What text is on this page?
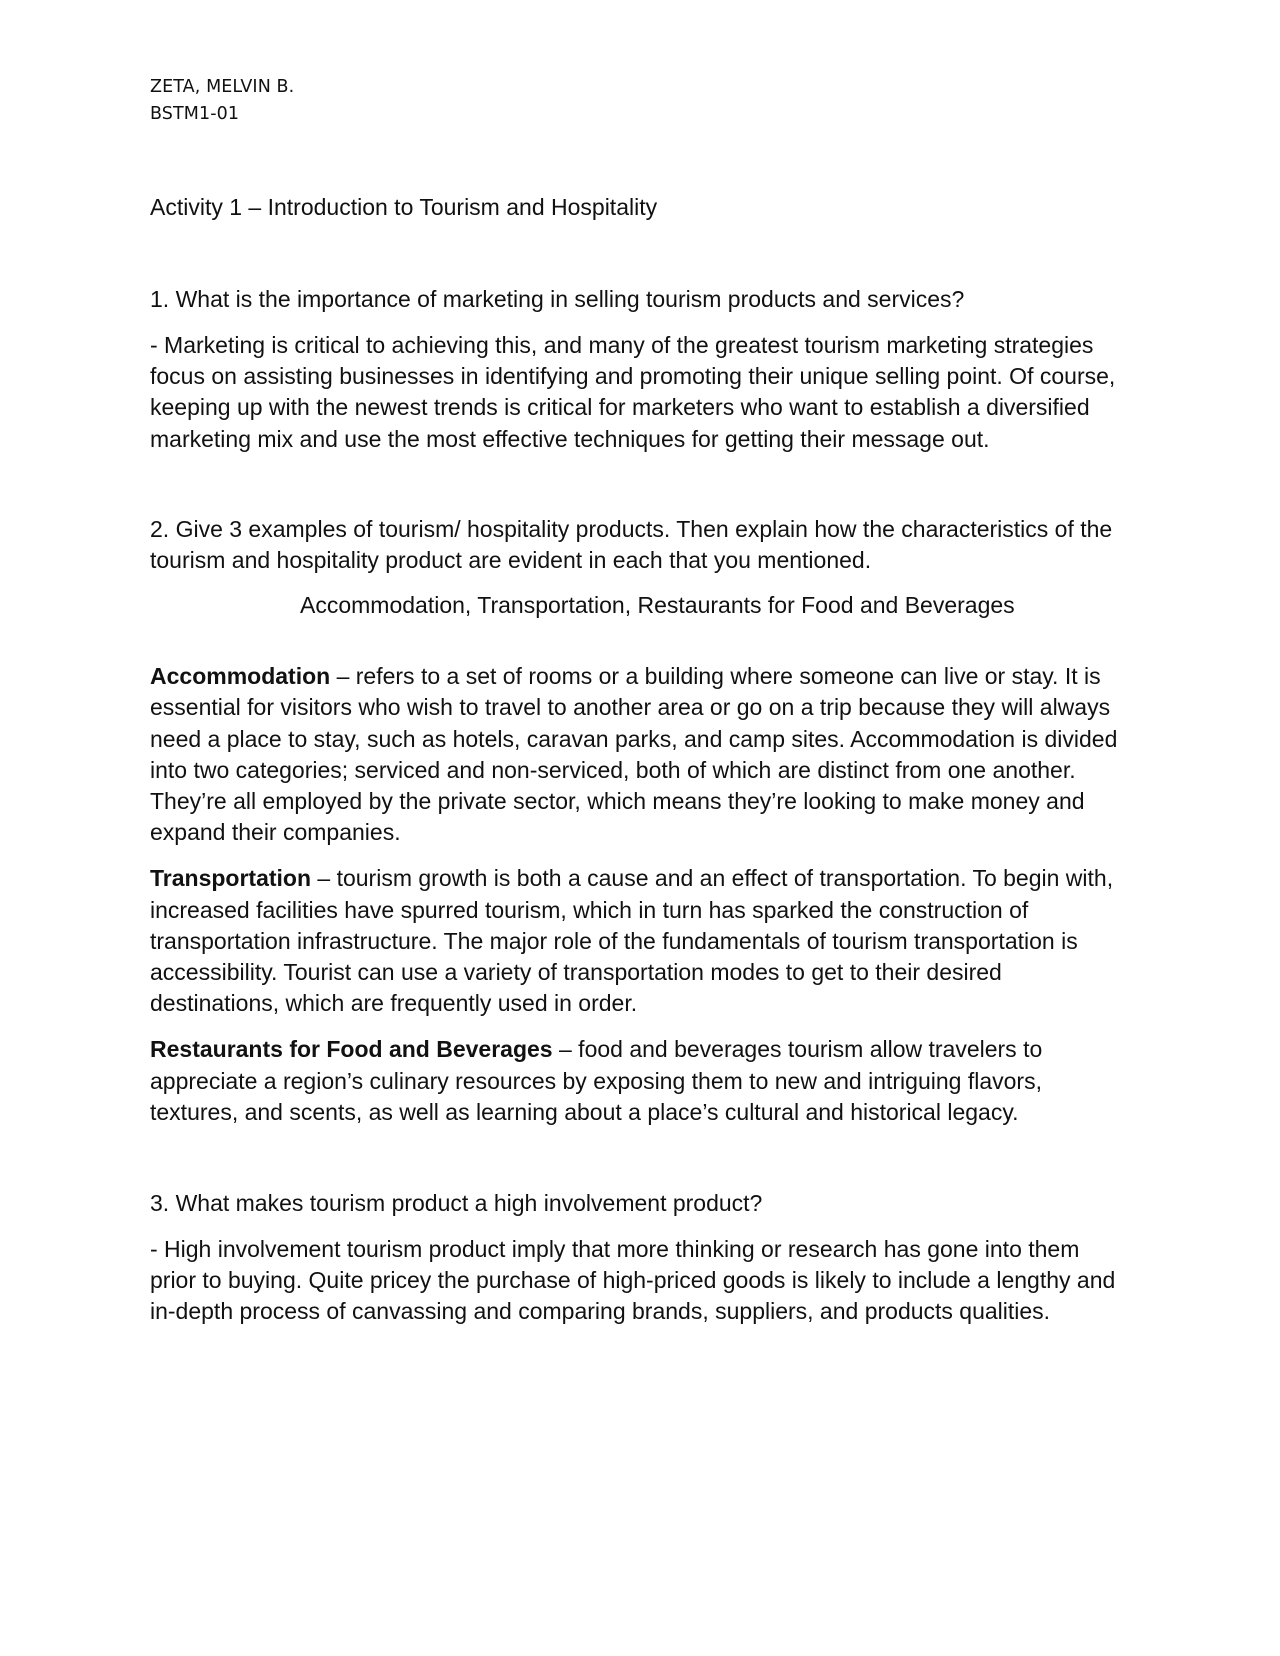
ZETA, MELVIN B.

BSTM1-01

Activity 1 – Introduction to Tourism and Hospitality

1. What is the importance of marketing in selling tourism products and services?

- Marketing is critical to achieving this, and many of the greatest tourism marketing strategies focus on assisting businesses in identifying and promoting their unique selling point. Of course, keeping up with the newest trends is critical for marketers who want to establish a diversified marketing mix and use the most effective techniques for getting their message out.

2. Give 3 examples of tourism/ hospitality products. Then explain how the characteristics of the tourism and hospitality product are evident in each that you mentioned.

Accommodation, Transportation, Restaurants for Food and Beverages

Accommodation – refers to a set of rooms or a building where someone can live or stay. It is essential for visitors who wish to travel to another area or go on a trip because they will always need a place to stay, such as hotels, caravan parks, and camp sites. Accommodation is divided into two categories; serviced and non-serviced, both of which are distinct from one another. They’re all employed by the private sector, which means they’re looking to make money and expand their companies.

Transportation – tourism growth is both a cause and an effect of transportation. To begin with, increased facilities have spurred tourism, which in turn has sparked the construction of transportation infrastructure. The major role of the fundamentals of tourism transportation is accessibility. Tourist can use a variety of transportation modes to get to their desired destinations, which are frequently used in order.

Restaurants for Food and Beverages – food and beverages tourism allow travelers to appreciate a region’s culinary resources by exposing them to new and intriguing flavors, textures, and scents, as well as learning about a place’s cultural and historical legacy.

3. What makes tourism product a high involvement product?

- High involvement tourism product imply that more thinking or research has gone into them prior to buying. Quite pricey the purchase of high-priced goods is likely to include a lengthy and in-depth process of canvassing and comparing brands, suppliers, and products qualities.
